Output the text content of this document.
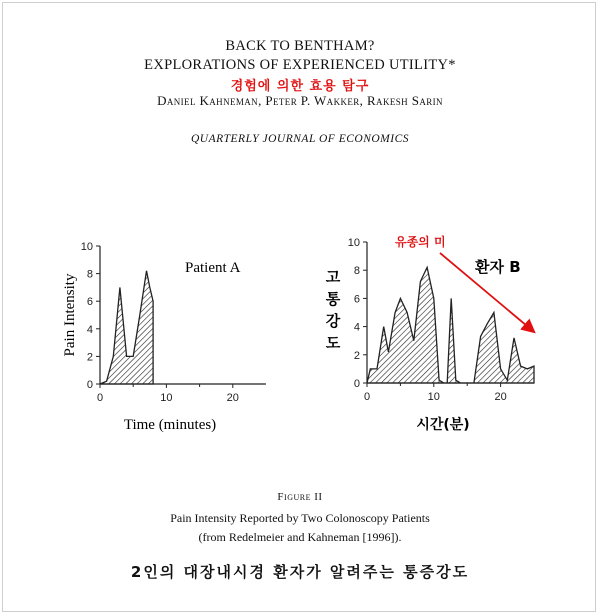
BACK TO BENTHAM?
EXPLORATIONS OF EXPERIENCED UTILITY*
경험에 의한 효용 탐구
Daniel Kahneman, Peter P. Wakker, Rakesh Sarin
QUARTERLY JOURNAL OF ECONOMICS
0
2
4
6
8
10
0	10	20
Patient A
Time (minutes)
Pain Intensity
0
2
4
6
8
10
0	10	20
환자 B
유종의 미
시간(분)
고
통
강
도
Figure II
Pain Intensity Reported by Two Colonoscopy Patients
(from Redelmeier and Kahneman [1996]).
2인의 대장내시경 환자가 알려주는 통증강도
